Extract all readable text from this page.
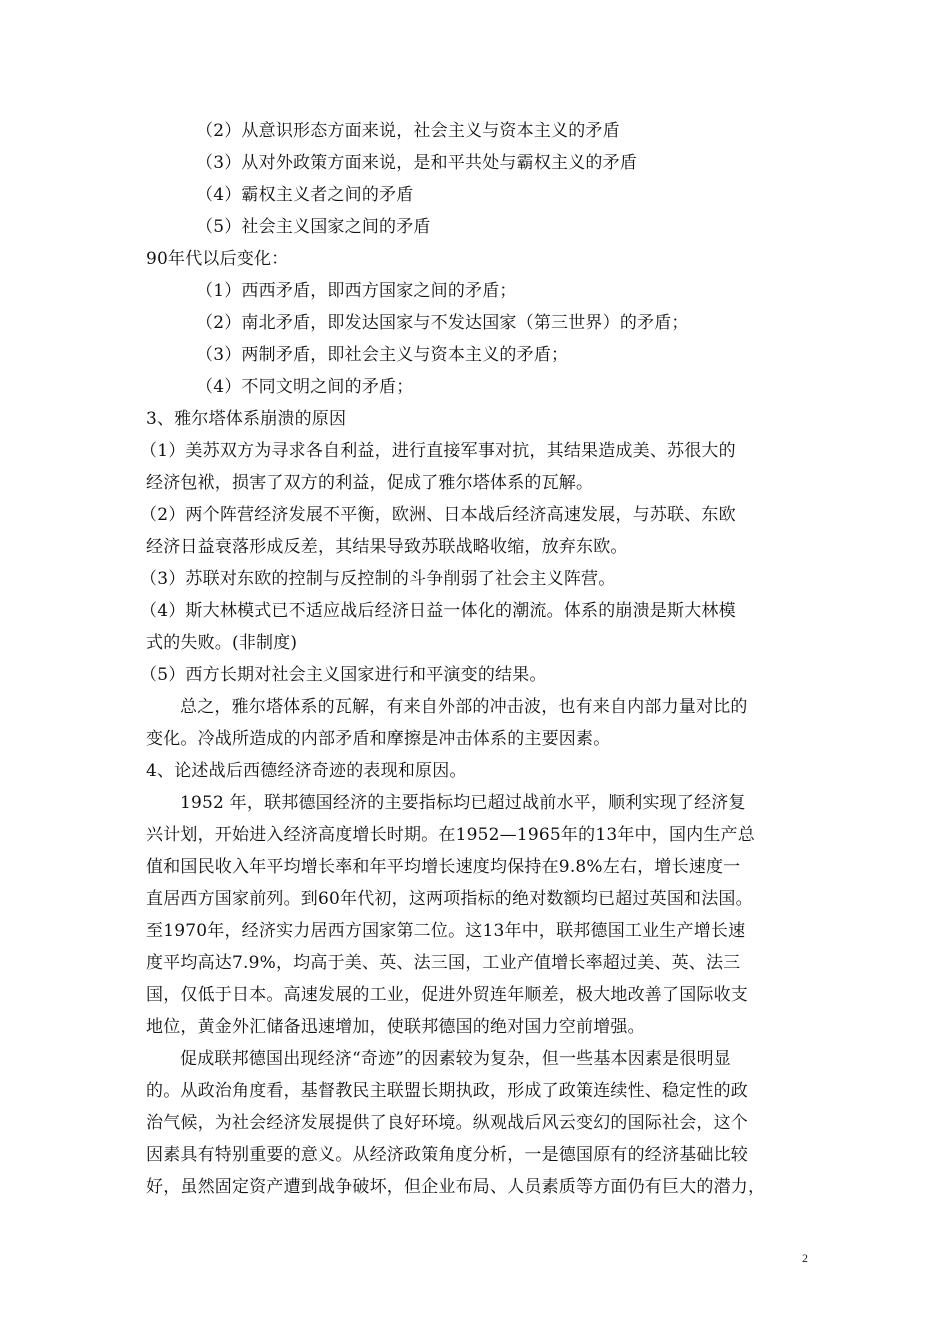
（2）从意识形态方面来说，社会主义与资本主义的矛盾
（3）从对外政策方面来说，是和平共处与霸权主义的矛盾
（4）霸权主义者之间的矛盾
（5）社会主义国家之间的矛盾
90年代以后变化：
（1）西西矛盾，即西方国家之间的矛盾；
（2）南北矛盾，即发达国家与不发达国家（第三世界）的矛盾；
（3）两制矛盾，即社会主义与资本主义的矛盾；
（4）不同文明之间的矛盾；
3、雅尔塔体系崩溃的原因
（1）美苏双方为寻求各自利益，进行直接军事对抗，其结果造成美、苏很大的
经济包袱，损害了双方的利益，促成了雅尔塔体系的瓦解。
（2）两个阵营经济发展不平衡，欧洲、日本战后经济高速发展，与苏联、东欧
经济日益衰落形成反差，其结果导致苏联战略收缩，放弃东欧。
（3）苏联对东欧的控制与反控制的斗争削弱了社会主义阵营。
（4）斯大林模式已不适应战后经济日益一体化的潮流。体系的崩溃是斯大林模
式的失败。(非制度)
（5）西方长期对社会主义国家进行和平演变的结果。
总之，雅尔塔体系的瓦解，有来自外部的冲击波，也有来自内部力量对比的
变化。冷战所造成的内部矛盾和摩擦是冲击体系的主要因素。
4、论述战后西德经济奇迹的表现和原因。
1952 年，联邦德国经济的主要指标均已超过战前水平，顺利实现了经济复
兴计划，开始进入经济高度增长时期。在1952—1965年的13年中，国内生产总
值和国民收入年平均增长率和年平均增长速度均保持在9.8%左右，增长速度一
直居西方国家前列。到60年代初，这两项指标的绝对数额均已超过英国和法国。
至1970年，经济实力居西方国家第二位。这13年中，联邦德国工业生产增长速
度平均高达7.9%，均高于美、英、法三国，工业产值增长率超过美、英、法三
国，仅低于日本。高速发展的工业，促进外贸连年顺差，极大地改善了国际收支
地位，黄金外汇储备迅速增加，使联邦德国的绝对国力空前增强。
促成联邦德国出现经济“奇迹”的因素较为复杂，但一些基本因素是很明显
的。从政治角度看，基督教民主联盟长期执政，形成了政策连续性、稳定性的政
治气候，为社会经济发展提供了良好环境。纵观战后风云变幻的国际社会，这个
因素具有特别重要的意义。从经济政策角度分析，一是德国原有的经济基础比较
好，虽然固定资产遭到战争破坏，但企业布局、人员素质等方面仍有巨大的潜力，
2
